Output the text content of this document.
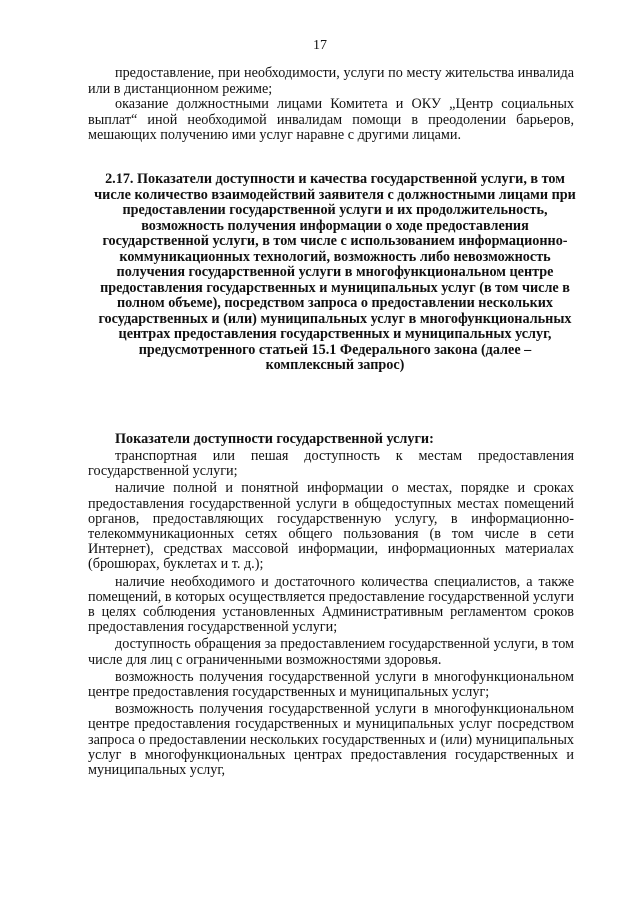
17

предоставление, при необходимости, услуги по месту жительства инвалида или в дистанционном режиме;

оказание должностными лицами Комитета и ОКУ „Центр социальных выплат“ иной необходимой инвалидам помощи в преодолении барьеров, мешающих получению ими услуг наравне с другими лицами.

2.17. Показатели доступности и качества государственной услуги, в том числе количество взаимодействий заявителя с должностными лицами при предоставлении государственной услуги и их продолжительность, возможность получения информации о ходе предоставления государственной услуги, в том числе с использованием информационно-коммуникационных технологий, возможность либо невозможность получения государственной услуги в многофункциональном центре предоставления государственных и муниципальных услуг (в том числе в полном объеме), посредством запроса о предоставлении нескольких государственных и (или) муниципальных услуг в многофункциональных центрах предоставления государственных и муниципальных услуг, предусмотренного статьей 15.1 Федерального закона (далее – комплексный запрос)
Показатели доступности государственной услуги:

транспортная или пешая доступность к местам предоставления государственной услуги;

наличие полной и понятной информации о местах, порядке и сроках предоставления государственной услуги в общедоступных местах помещений органов, предоставляющих государственную услугу, в информационно-телекоммуникационных сетях общего пользования (в том числе в сети Интернет), средствах массовой информации, информационных материалах (брошюрах, буклетах и т. д.);

наличие необходимого и достаточного количества специалистов, а также помещений, в которых осуществляется предоставление государственной услуги в целях соблюдения установленных Административным регламентом сроков предоставления государственной услуги;

доступность обращения за предоставлением государственной услуги, в том числе для лиц с ограниченными возможностями здоровья.

возможность получения государственной услуги в многофункциональном центре предоставления государственных и муниципальных услуг;

возможность получения государственной услуги в многофункциональном центре предоставления государственных и муниципальных услуг посредством запроса о предоставлении нескольких государственных и (или) муниципальных услуг в многофункциональных центрах предоставления государственных и муниципальных услуг,
